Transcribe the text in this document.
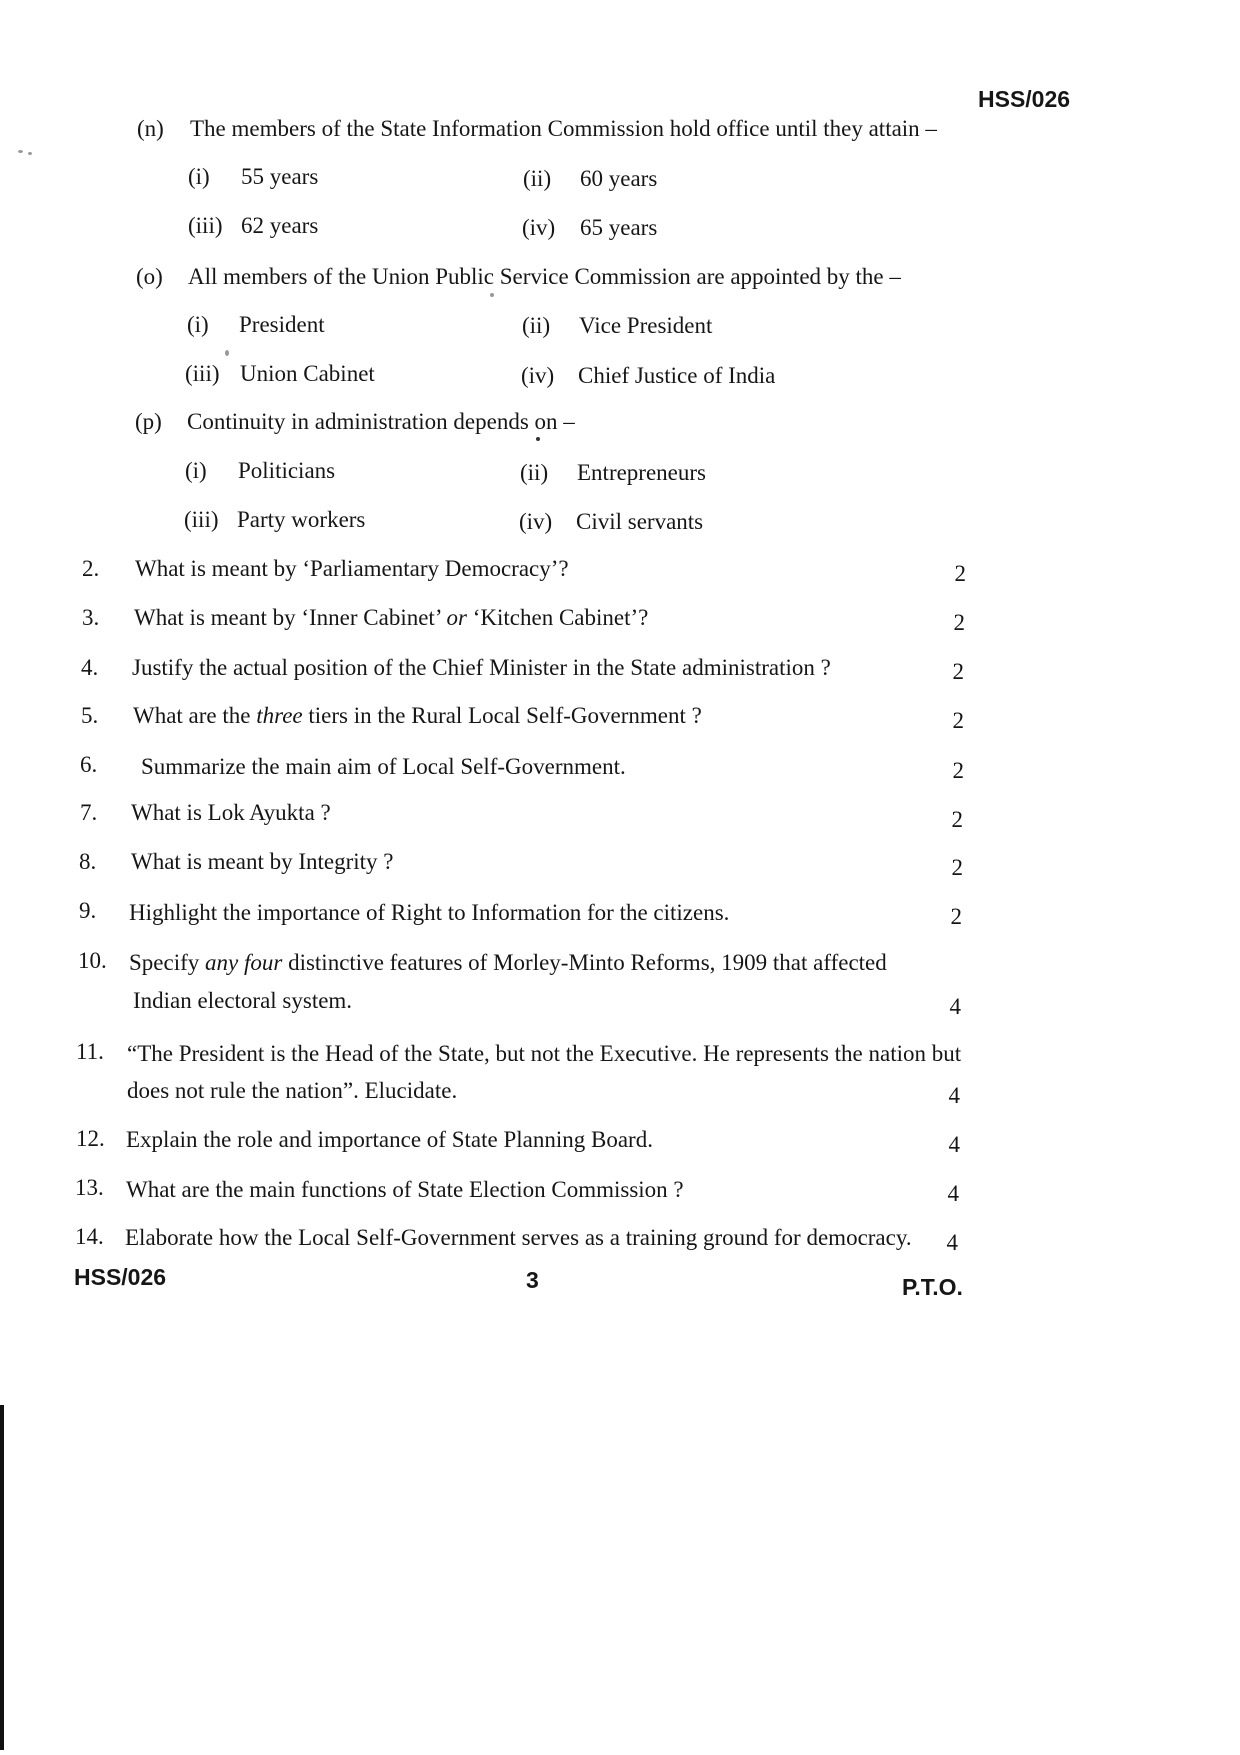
HSS/026
(n) The members of the State Information Commission hold office until they attain –
(i) 55 years	(ii) 60 years
(iii) 62 years	(iv) 65 years
(o) All members of the Union Public Service Commission are appointed by the –
(i) President	(ii) Vice President
(iii) Union Cabinet	(iv) Chief Justice of India
(p) Continuity in administration depends on –
(i) Politicians	(ii) Entrepreneurs
(iii) Party workers	(iv) Civil servants
2. What is meant by ‘Parliamentary Democracy’?	2
3. What is meant by ‘Inner Cabinet’ or ‘Kitchen Cabinet’?	2
4. Justify the actual position of the Chief Minister in the State administration ?	2
5. What are the three tiers in the Rural Local Self-Government ?	2
6. Summarize the main aim of Local Self-Government.	2
7. What is Lok Ayukta ?	2
8. What is meant by Integrity ?	2
9. Highlight the importance of Right to Information for the citizens.	2
10. Specify any four distinctive features of Morley-Minto Reforms, 1909 that affected
Indian electoral system.	4
11. “The President is the Head of the State, but not the Executive. He represents the nation but
does not rule the nation”. Elucidate.	4
12. Explain the role and importance of State Planning Board.	4
13. What are the main functions of State Election Commission ?	4
14. Elaborate how the Local Self-Government serves as a training ground for democracy.	4
HSS/026	3	P.T.O.
